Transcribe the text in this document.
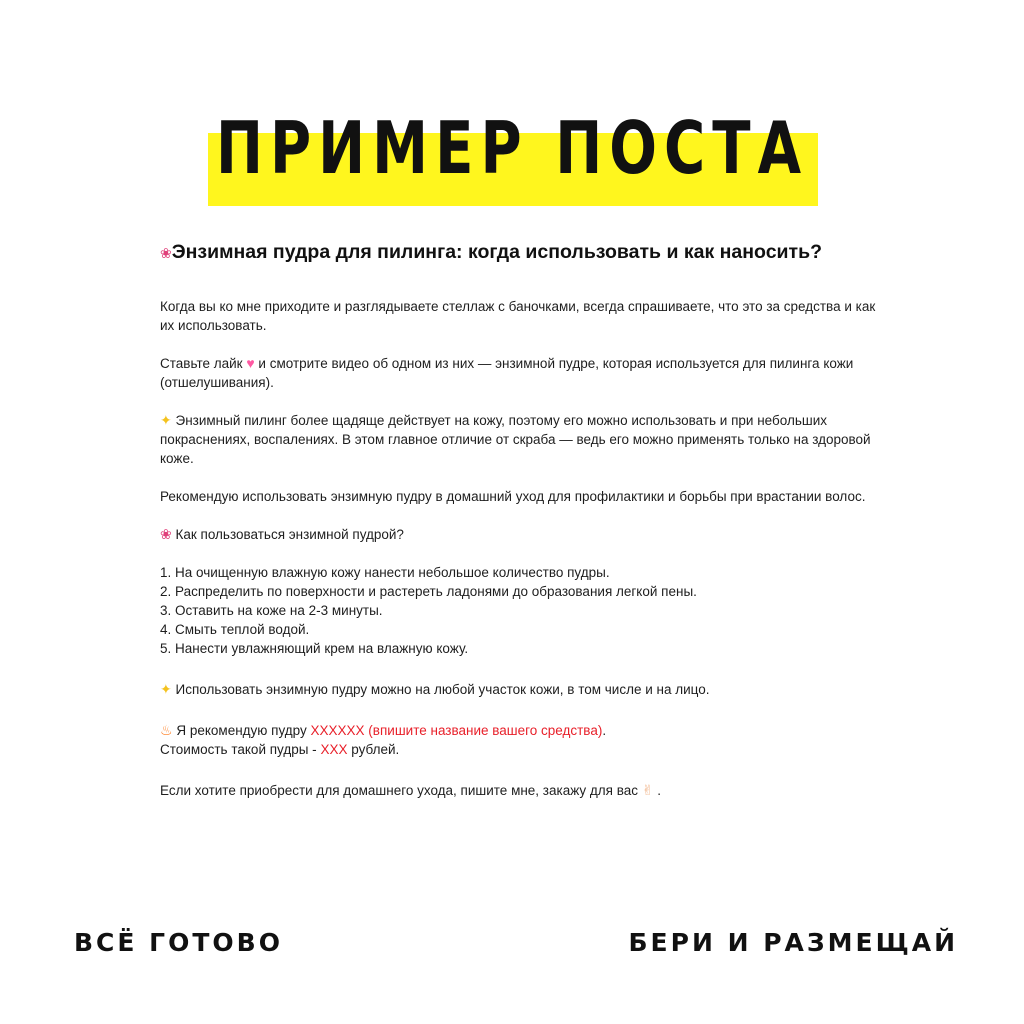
ПРИМЕР ПОСТА

❀Энзимная пудра для пилинга: когда использовать и как наносить?

Когда вы ко мне приходите и разглядываете стеллаж с баночками, всегда спрашиваете, что это за средства и как их использовать.

Ставьте лайк ♥ и смотрите видео об одном из них — энзимной пудре, которая используется для пилинга кожи (отшелушивания).

✦ Энзимный пилинг более щадяще действует на кожу, поэтому его можно использовать и при небольших покраснениях, воспалениях. В этом главное отличие от скраба — ведь его можно применять только на здоровой коже.

Рекомендую использовать энзимную пудру в домашний уход для профилактики и борьбы при врастании волос.

❀ Как пользоваться энзимной пудрой?

1. На очищенную влажную кожу нанести небольшое количество пудры.

2. Распределить по поверхности и растереть ладонями до образования легкой пены.

3. Оставить на коже на 2-3 минуты.

4. Смыть теплой водой.

5. Нанести увлажняющий крем на влажную кожу.

✦ Использовать энзимную пудру можно на любой участок кожи, в том числе и на лицо.

♨ Я рекомендую пудру XXXXXX (впишите название вашего средства).

Стоимость такой пудры - XXX рублей.

Если хотите приобрести для домашнего ухода, пишите мне, закажу для вас ✌ .

ВСЁ ГОТОВО	БЕРИ И РАЗМЕЩАЙ
